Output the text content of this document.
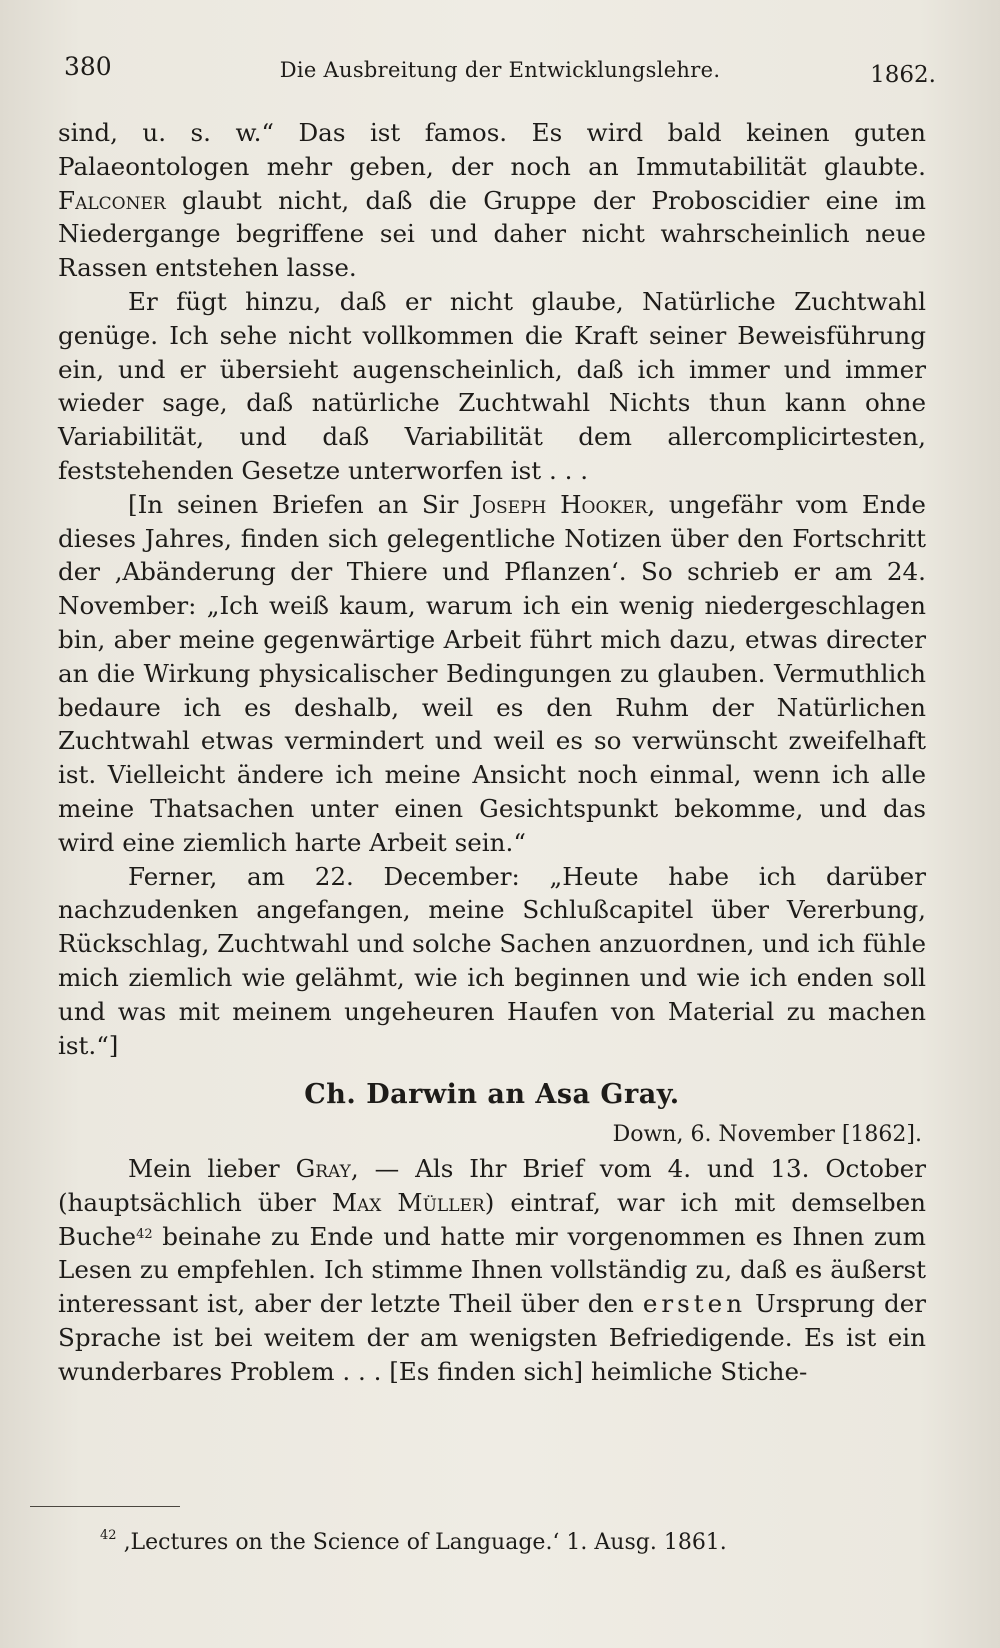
380	Die Ausbreitung der Entwicklungslehre.	1862.

sind, u. s. w.“ Das ist famos. Es wird bald keinen guten Palaeontologen mehr geben, der noch an Immutabilität glaubte. Falconer glaubt nicht, daß die Gruppe der Proboscidier eine im Niedergange begriffene sei und daher nicht wahrscheinlich neue Rassen entstehen lasse.

Er fügt hinzu, daß er nicht glaube, Natürliche Zuchtwahl genüge. Ich sehe nicht vollkommen die Kraft seiner Beweisführung ein, und er übersieht augenscheinlich, daß ich immer und immer wieder sage, daß natürliche Zuchtwahl Nichts thun kann ohne Variabilität, und daß Variabilität dem allercomplicirtesten, feststehenden Gesetze unterworfen ist . . .

[In seinen Briefen an Sir Joseph Hooker, ungefähr vom Ende dieses Jahres, finden sich gelegentliche Notizen über den Fortschritt der ‚Abänderung der Thiere und Pflanzen‘. So schrieb er am 24. November: „Ich weiß kaum, warum ich ein wenig niedergeschlagen bin, aber meine gegenwärtige Arbeit führt mich dazu, etwas directer an die Wirkung physicalischer Bedingungen zu glauben. Vermuthlich bedaure ich es deshalb, weil es den Ruhm der Natürlichen Zuchtwahl etwas vermindert und weil es so verwünscht zweifelhaft ist. Vielleicht ändere ich meine Ansicht noch einmal, wenn ich alle meine Thatsachen unter einen Gesichtspunkt bekomme, und das wird eine ziemlich harte Arbeit sein.“

Ferner, am 22. December: „Heute habe ich darüber nachzudenken angefangen, meine Schlußcapitel über Vererbung, Rückschlag, Zuchtwahl und solche Sachen anzuordnen, und ich fühle mich ziemlich wie gelähmt, wie ich beginnen und wie ich enden soll und was mit meinem ungeheuren Haufen von Material zu machen ist.“]

Ch. Darwin an Asa Gray.
Down, 6. November [1862].

Mein lieber Gray, — Als Ihr Brief vom 4. und 13. October (hauptsächlich über Max Müller) eintraf, war ich mit demselben Buche$^{42}$ beinahe zu Ende und hatte mir vorgenommen es Ihnen zum Lesen zu empfehlen. Ich stimme Ihnen vollständig zu, daß es äußerst interessant ist, aber der letzte Theil über den ersten Ursprung der Sprache ist bei weitem der am wenigsten Befriedigende. Es ist ein wunderbares Problem . . . [Es finden sich] heimliche Stiche-

$^{42}$ ‚Lectures on the Science of Language.‘ 1. Ausg. 1861.
